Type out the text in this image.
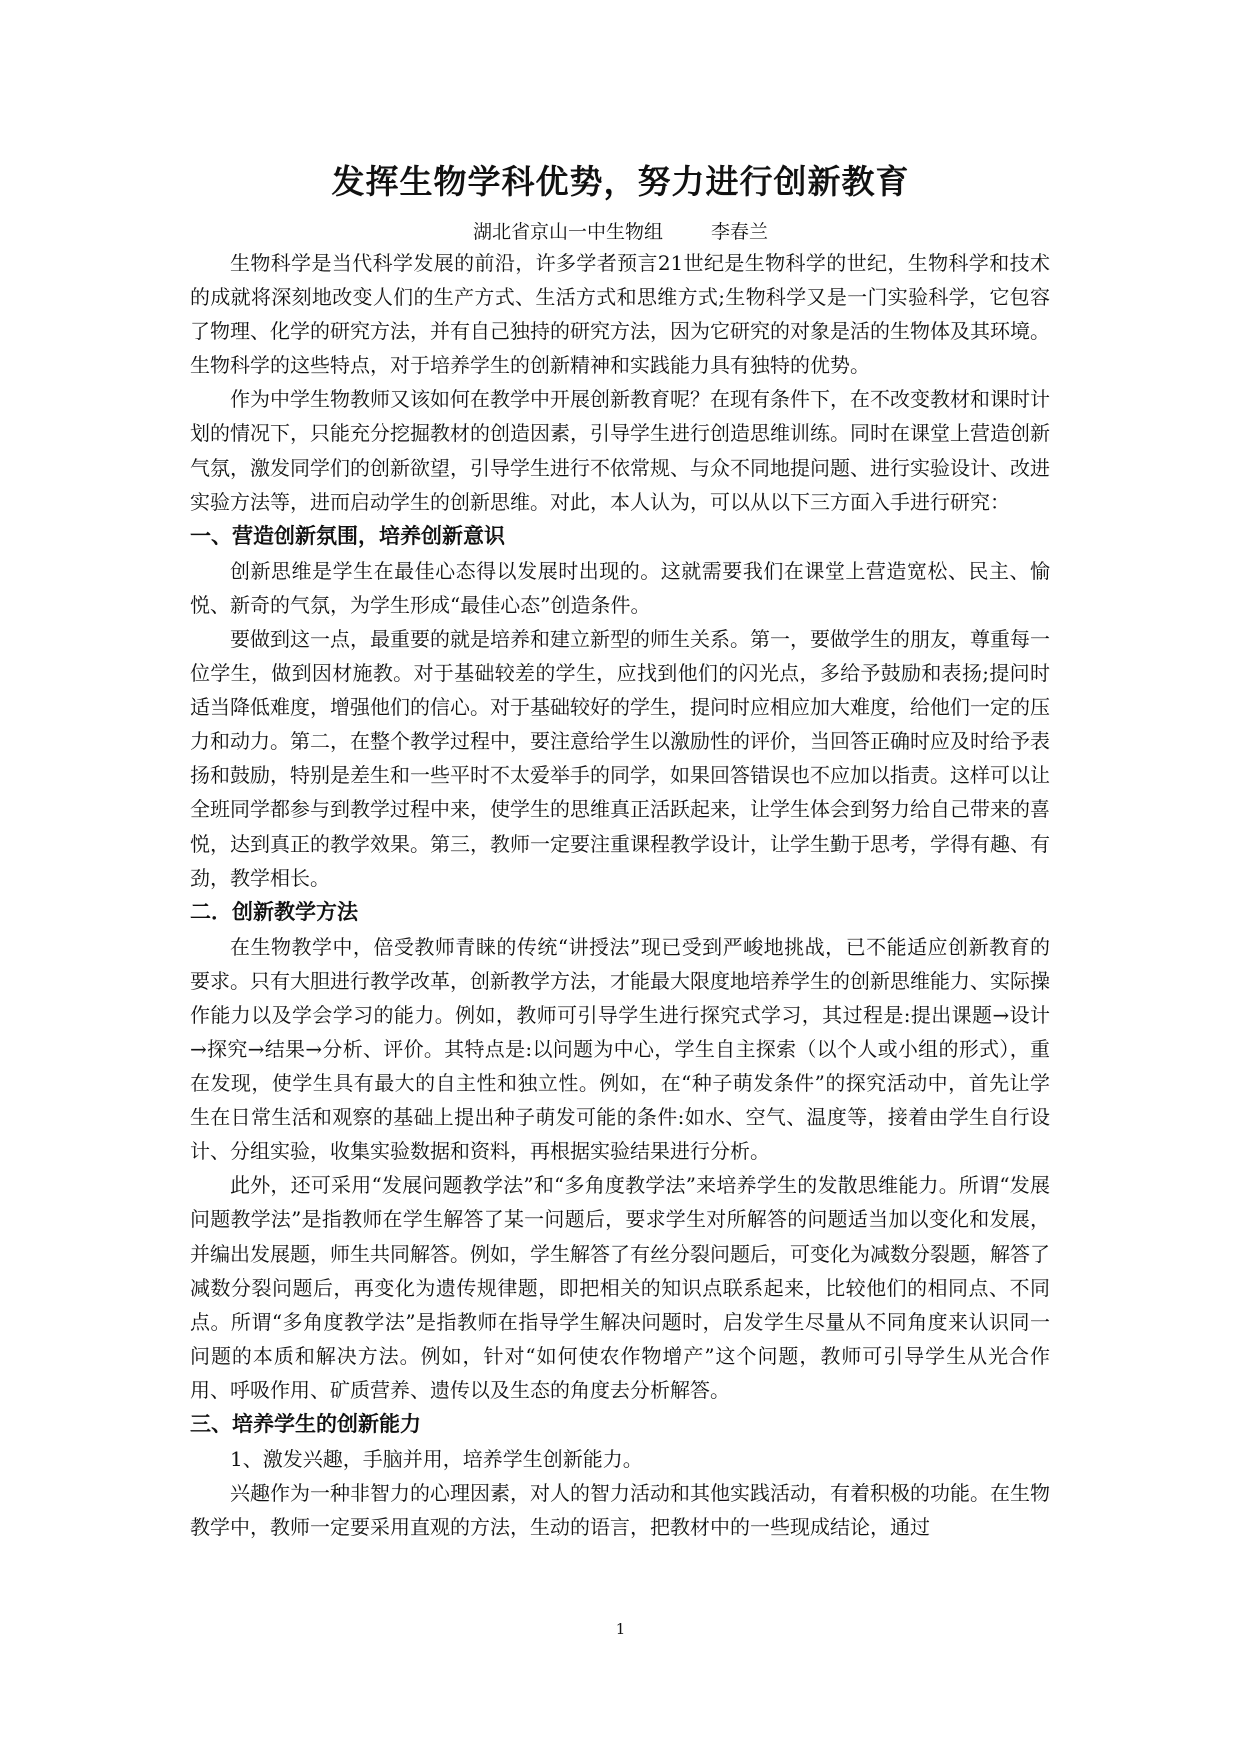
发挥生物学科优势，努力进行创新教育
湖北省京山一中生物组	李春兰

生物科学是当代科学发展的前沿，许多学者预言21世纪是生物科学的世纪，生物科学和技术的成就将深刻地改变人们的生产方式、生活方式和思维方式;生物科学又是一门实验科学，它包容了物理、化学的研究方法，并有自己独持的研究方法，因为它研究的对象是活的生物体及其环境。生物科学的这些特点，对于培养学生的创新精神和实践能力具有独特的优势。

作为中学生物教师又该如何在教学中开展创新教育呢？在现有条件下，在不改变教材和课时计划的情况下，只能充分挖掘教材的创造因素，引导学生进行创造思维训练。同时在课堂上营造创新气氛，激发同学们的创新欲望，引导学生进行不依常规、与众不同地提问题、进行实验设计、改进实验方法等，进而启动学生的创新思维。对此，本人认为，可以从以下三方面入手进行研究：

一、营造创新氛围，培养创新意识

创新思维是学生在最佳心态得以发展时出现的。这就需要我们在课堂上营造宽松、民主、愉悦、新奇的气氛，为学生形成“最佳心态”创造条件。

要做到这一点，最重要的就是培养和建立新型的师生关系。第一，要做学生的朋友，尊重每一位学生，做到因材施教。对于基础较差的学生，应找到他们的闪光点，多给予鼓励和表扬;提问时适当降低难度，增强他们的信心。对于基础较好的学生，提问时应相应加大难度，给他们一定的压力和动力。第二，在整个教学过程中，要注意给学生以激励性的评价，当回答正确时应及时给予表扬和鼓励，特别是差生和一些平时不太爱举手的同学，如果回答错误也不应加以指责。这样可以让全班同学都参与到教学过程中来，使学生的思维真正活跃起来，让学生体会到努力给自己带来的喜悦，达到真正的教学效果。第三，教师一定要注重课程教学设计，让学生勤于思考，学得有趣、有劲，教学相长。

二．创新教学方法

在生物教学中，倍受教师青睐的传统“讲授法”现已受到严峻地挑战，已不能适应创新教育的要求。只有大胆进行教学改革，创新教学方法，才能最大限度地培养学生的创新思维能力、实际操作能力以及学会学习的能力。例如，教师可引导学生进行探究式学习，其过程是:提出课题→设计→探究→结果→分析、评价。其特点是:以问题为中心，学生自主探索（以个人或小组的形式），重在发现，使学生具有最大的自主性和独立性。例如，在“种子萌发条件”的探究活动中，首先让学生在日常生活和观察的基础上提出种子萌发可能的条件:如水、空气、温度等，接着由学生自行设计、分组实验，收集实验数据和资料，再根据实验结果进行分析。

此外，还可采用“发展问题教学法”和“多角度教学法”来培养学生的发散思维能力。所谓“发展问题教学法”是指教师在学生解答了某一问题后，要求学生对所解答的问题适当加以变化和发展，并编出发展题，师生共同解答。例如，学生解答了有丝分裂问题后，可变化为减数分裂题，解答了减数分裂问题后，再变化为遗传规律题，即把相关的知识点联系起来，比较他们的相同点、不同点。所谓“多角度教学法”是指教师在指导学生解决问题时，启发学生尽量从不同角度来认识同一问题的本质和解决方法。例如，针对“如何使农作物增产”这个问题，教师可引导学生从光合作用、呼吸作用、矿质营养、遗传以及生态的角度去分析解答。

三、培养学生的创新能力

1、激发兴趣，手脑并用，培养学生创新能力。

兴趣作为一种非智力的心理因素，对人的智力活动和其他实践活动，有着积极的功能。在生物教学中，教师一定要采用直观的方法，生动的语言，把教材中的一些现成结论，通过

1
